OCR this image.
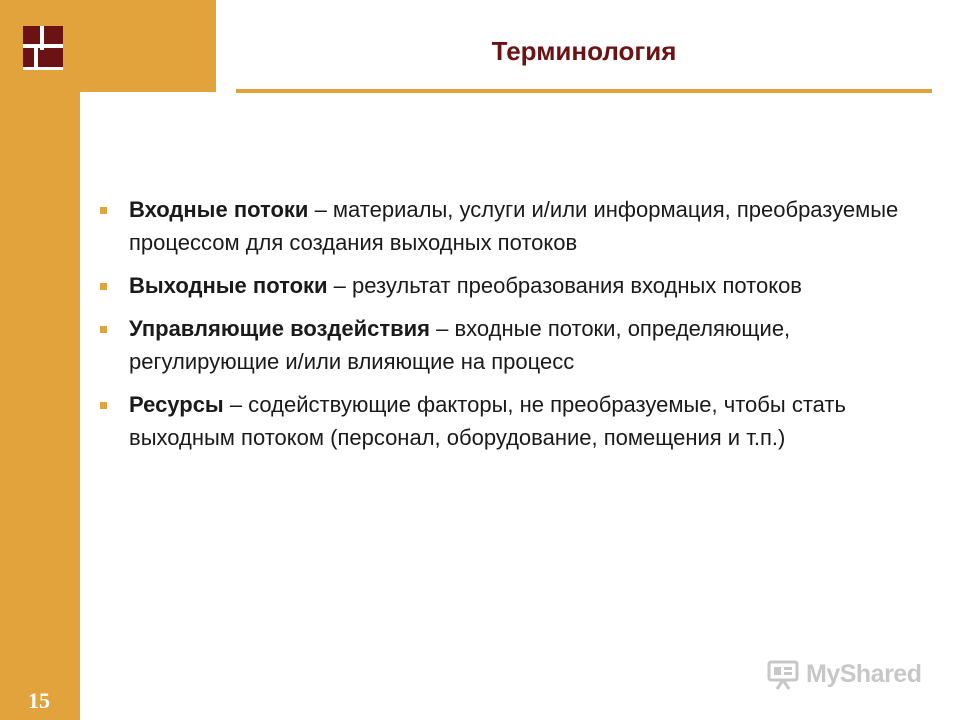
Терминология
Входные потоки – материалы, услуги и/или информация, преобразуемые процессом для создания выходных потоков
Выходные потоки – результат преобразования входных потоков
Управляющие воздействия – входные потоки, определяющие, регулирующие и/или влияющие на процесс
Ресурсы – содействующие факторы, не преобразуемые, чтобы стать выходным потоком (персонал, оборудование, помещения и т.п.)
15
MyShared
